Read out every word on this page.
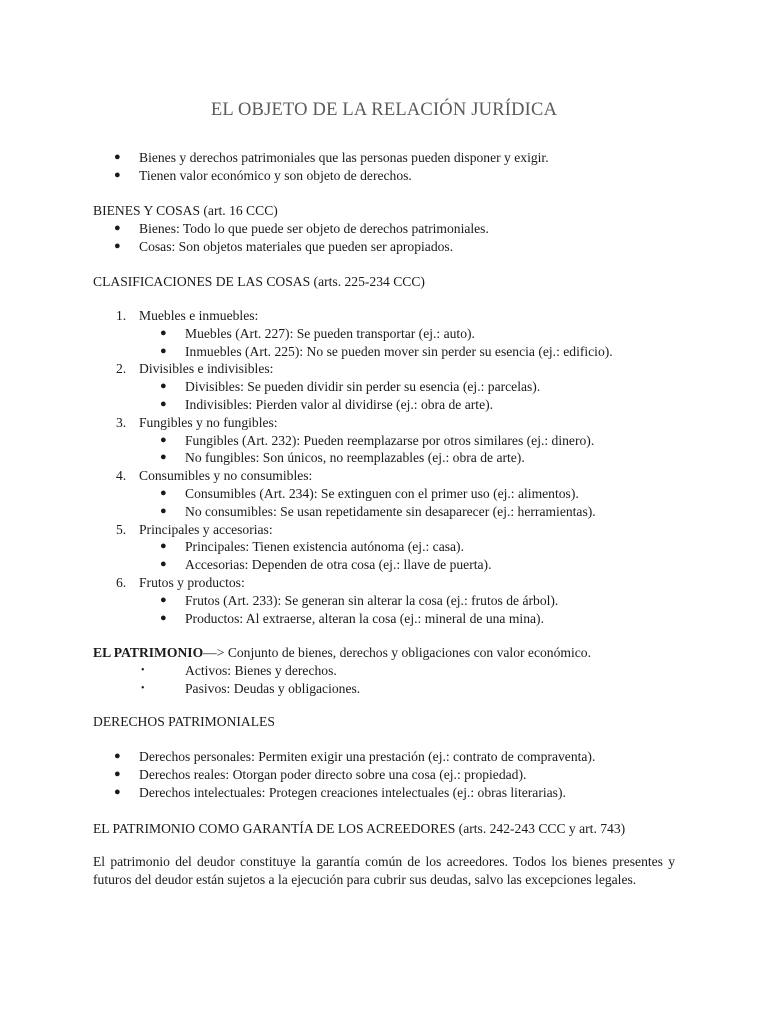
EL OBJETO DE LA RELACIÓN JURÍDICA
● Bienes y derechos patrimoniales que las personas pueden disponer y exigir.
● Tienen valor económico y son objeto de derechos.
BIENES Y COSAS (art. 16 CCC)
● Bienes: Todo lo que puede ser objeto de derechos patrimoniales.
● Cosas: Son objetos materiales que pueden ser apropiados.
CLASIFICACIONES DE LAS COSAS (arts. 225-234 CCC)
1. Muebles e inmuebles:
● Muebles (Art. 227): Se pueden transportar (ej.: auto).
● Inmuebles (Art. 225): No se pueden mover sin perder su esencia (ej.: edificio).
2. Divisibles e indivisibles:
● Divisibles: Se pueden dividir sin perder su esencia (ej.: parcelas).
● Indivisibles: Pierden valor al dividirse (ej.: obra de arte).
3. Fungibles y no fungibles:
● Fungibles (Art. 232): Pueden reemplazarse por otros similares (ej.: dinero).
● No fungibles: Son únicos, no reemplazables (ej.: obra de arte).
4. Consumibles y no consumibles:
● Consumibles (Art. 234): Se extinguen con el primer uso (ej.: alimentos).
● No consumibles: Se usan repetidamente sin desaparecer (ej.: herramientas).
5. Principales y accesorias:
● Principales: Tienen existencia autónoma (ej.: casa).
● Accesorias: Dependen de otra cosa (ej.: llave de puerta).
6. Frutos y productos:
● Frutos (Art. 233): Se generan sin alterar la cosa (ej.: frutos de árbol).
● Productos: Al extraerse, alteran la cosa (ej.: mineral de una mina).
EL PATRIMONIO—> Conjunto de bienes, derechos y obligaciones con valor económico.
•	Activos: Bienes y derechos.
•	Pasivos: Deudas y obligaciones.
DERECHOS PATRIMONIALES
● Derechos personales: Permiten exigir una prestación (ej.: contrato de compraventa).
● Derechos reales: Otorgan poder directo sobre una cosa (ej.: propiedad).
● Derechos intelectuales: Protegen creaciones intelectuales (ej.: obras literarias).
EL PATRIMONIO COMO GARANTÍA DE LOS ACREEDORES (arts. 242-243 CCC y art. 743)
El patrimonio del deudor constituye la garantía común de los acreedores. Todos los bienes presentes y futuros del deudor están sujetos a la ejecución para cubrir sus deudas, salvo las excepciones legales.
